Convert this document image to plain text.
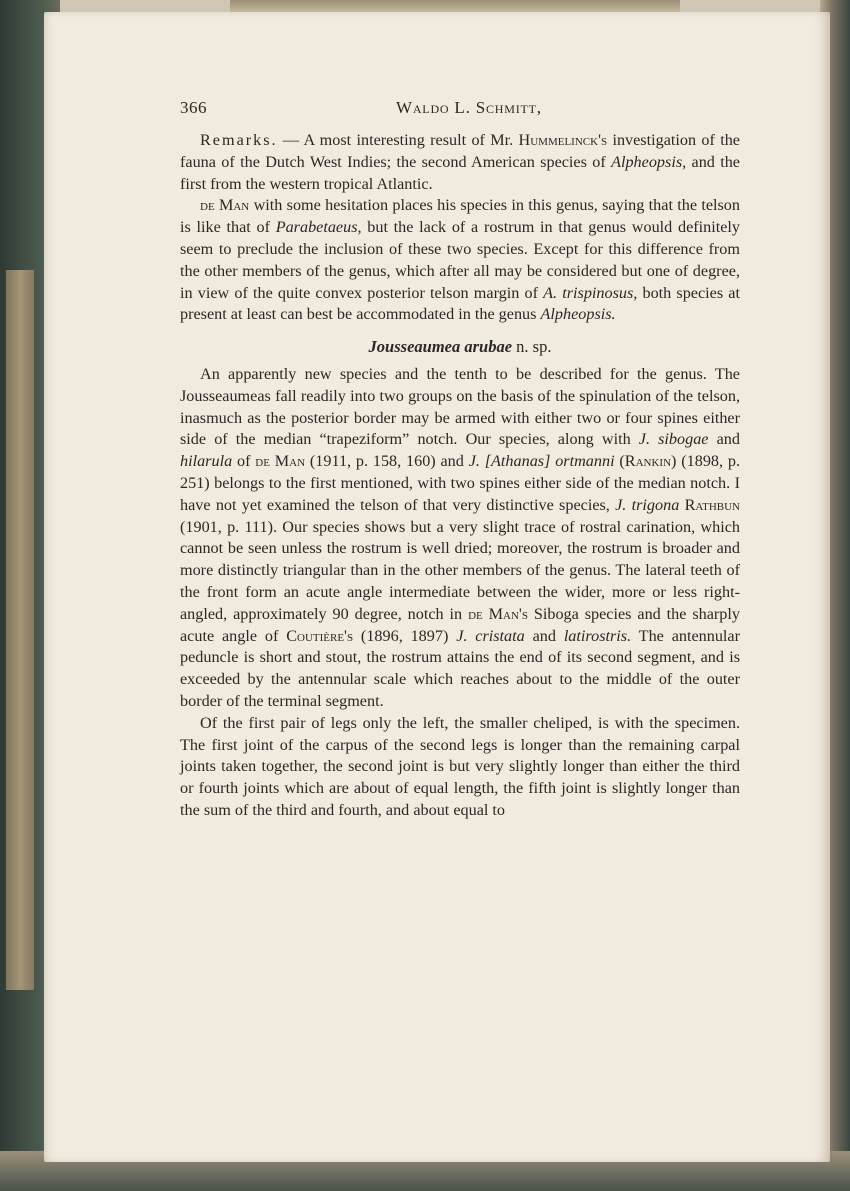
366	Waldo L. Schmitt,

Remarks. — A most interesting result of Mr. Hummelinck's investigation of the fauna of the Dutch West Indies; the second American species of Alpheopsis, and the first from the western tropical Atlantic.

de Man with some hesitation places his species in this genus, saying that the telson is like that of Parabetaeus, but the lack of a rostrum in that genus would definitely seem to preclude the inclusion of these two species. Except for this difference from the other members of the genus, which after all may be considered but one of degree, in view of the quite convex posterior telson margin of A. trispinosus, both species at present at least can best be accommodated in the genus Alpheopsis.

Jousseaumea arubae n. sp.

An apparently new species and the tenth to be described for the genus. The Jousseaumeas fall readily into two groups on the basis of the spinulation of the telson, inasmuch as the posterior border may be armed with either two or four spines either side of the median “trapeziform” notch. Our species, along with J. sibogae and hilarula of de Man (1911, p. 158, 160) and J. [Athanas] ortmanni (Rankin) (1898, p. 251) belongs to the first mentioned, with two spines either side of the median notch. I have not yet examined the telson of that very distinctive species, J. trigona Rathbun (1901, p. 111). Our species shows but a very slight trace of rostral carination, which cannot be seen unless the rostrum is well dried; moreover, the rostrum is broader and more distinctly triangular than in the other members of the genus. The lateral teeth of the front form an acute angle intermediate between the wider, more or less right-angled, approximately 90 degree, notch in de Man's Siboga species and the sharply acute angle of Coutière's (1896, 1897) J. cristata and latirostris. The antennular peduncle is short and stout, the rostrum attains the end of its second segment, and is exceeded by the antennular scale which reaches about to the middle of the outer border of the terminal segment.

Of the first pair of legs only the left, the smaller cheliped, is with the specimen. The first joint of the carpus of the second legs is longer than the remaining carpal joints taken together, the second joint is but very slightly longer than either the third or fourth joints which are about of equal length, the fifth joint is slightly longer than the sum of the third and fourth, and about equal to
